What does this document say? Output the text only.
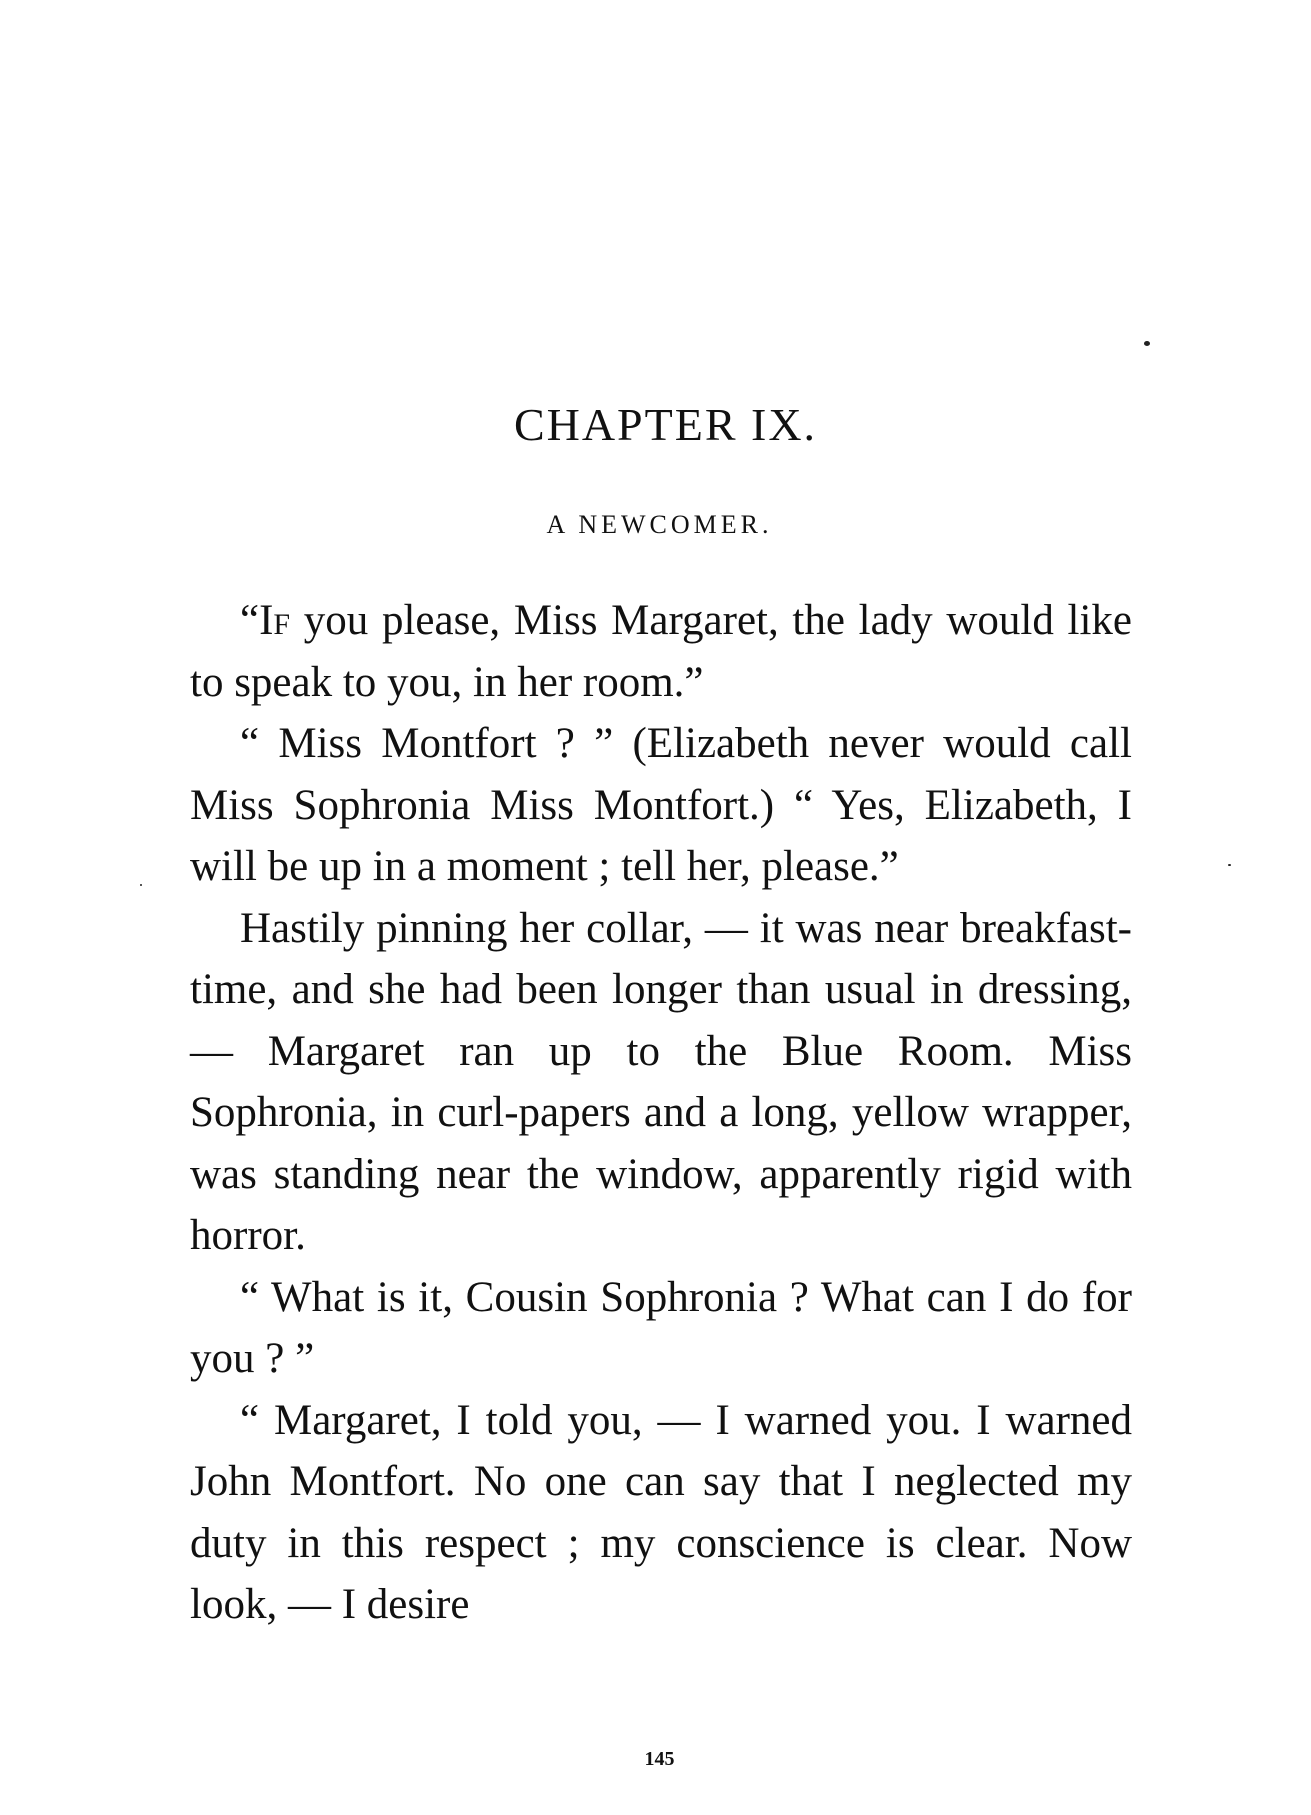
CHAPTER IX.
A NEWCOMER.

“If you please, Miss Margaret, the lady would like to speak to you, in her room.”

“ Miss Montfort ? ” (Elizabeth never would call Miss Sophronia Miss Montfort.) “ Yes, Elizabeth, I will be up in a moment ; tell her, please.”

Hastily pinning her collar, — it was near breakfast-time, and she had been longer than usual in dressing, — Margaret ran up to the Blue Room. Miss Sophronia, in curl-papers and a long, yellow wrapper, was standing near the window, apparently rigid with horror.

“ What is it, Cousin Sophronia ? What can I do for you ? ”

“ Margaret, I told you, — I warned you. I warned John Montfort. No one can say that I neglected my duty in this respect ; my conscience is clear. Now look, — I desire

145
